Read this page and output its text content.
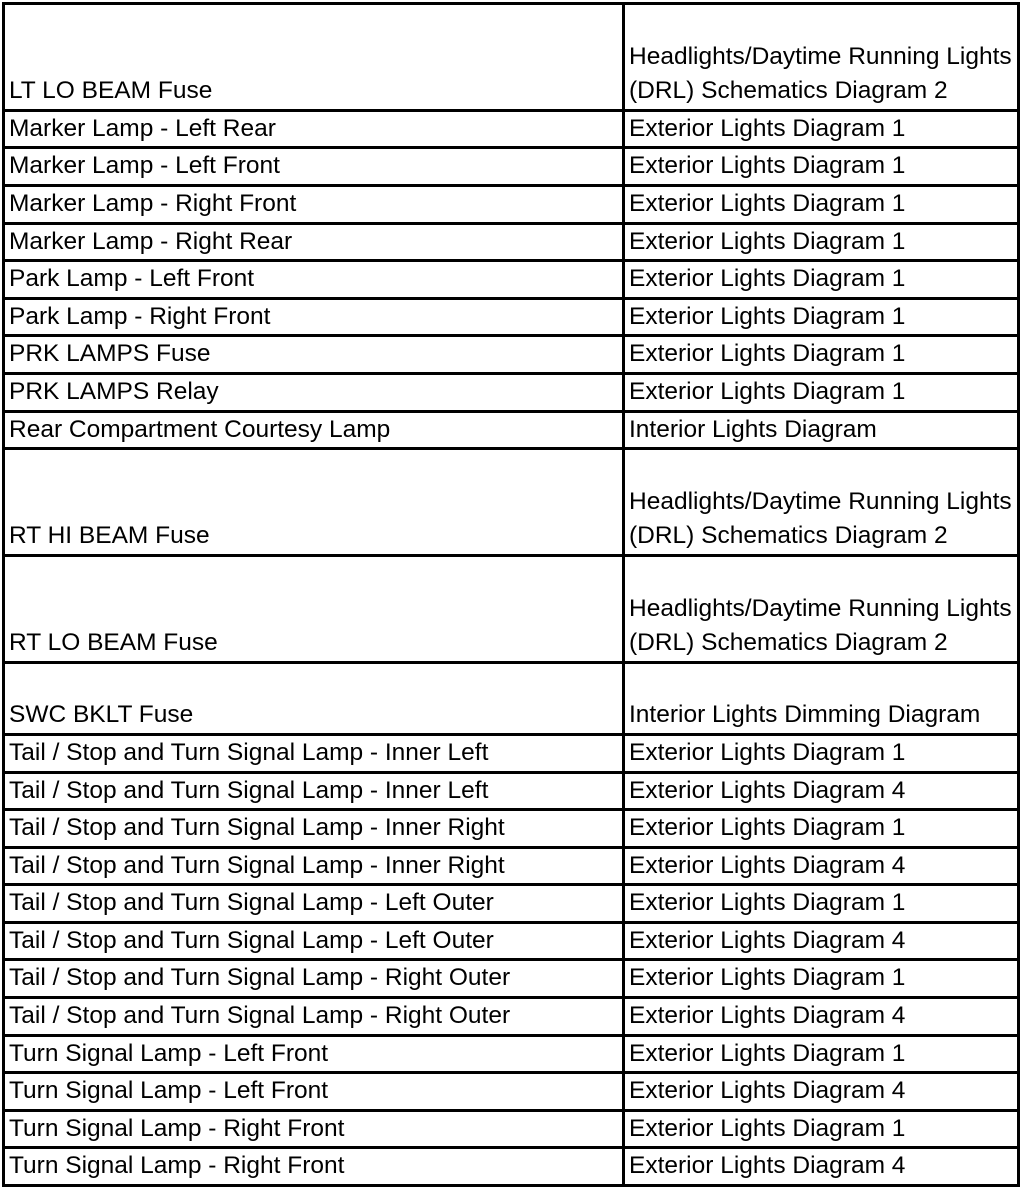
LT LO BEAM Fuse	Headlights/Daytime Running Lights (DRL) Schematics Diagram 2
Marker Lamp - Left Rear	Exterior Lights Diagram 1
Marker Lamp - Left Front	Exterior Lights Diagram 1
Marker Lamp - Right Front	Exterior Lights Diagram 1
Marker Lamp - Right Rear	Exterior Lights Diagram 1
Park Lamp - Left Front	Exterior Lights Diagram 1
Park Lamp - Right Front	Exterior Lights Diagram 1
PRK LAMPS Fuse	Exterior Lights Diagram 1
PRK LAMPS Relay	Exterior Lights Diagram 1
Rear Compartment Courtesy Lamp	Interior Lights Diagram
RT HI BEAM Fuse	Headlights/Daytime Running Lights (DRL) Schematics Diagram 2
RT LO BEAM Fuse	Headlights/Daytime Running Lights (DRL) Schematics Diagram 2
SWC BKLT Fuse	Interior Lights Dimming Diagram
Tail / Stop and Turn Signal Lamp - Inner Left	Exterior Lights Diagram 1
Tail / Stop and Turn Signal Lamp - Inner Left	Exterior Lights Diagram 4
Tail / Stop and Turn Signal Lamp - Inner Right	Exterior Lights Diagram 1
Tail / Stop and Turn Signal Lamp - Inner Right	Exterior Lights Diagram 4
Tail / Stop and Turn Signal Lamp - Left Outer	Exterior Lights Diagram 1
Tail / Stop and Turn Signal Lamp - Left Outer	Exterior Lights Diagram 4
Tail / Stop and Turn Signal Lamp - Right Outer	Exterior Lights Diagram 1
Tail / Stop and Turn Signal Lamp - Right Outer	Exterior Lights Diagram 4
Turn Signal Lamp - Left Front	Exterior Lights Diagram 1
Turn Signal Lamp - Left Front	Exterior Lights Diagram 4
Turn Signal Lamp - Right Front	Exterior Lights Diagram 1
Turn Signal Lamp - Right Front	Exterior Lights Diagram 4
